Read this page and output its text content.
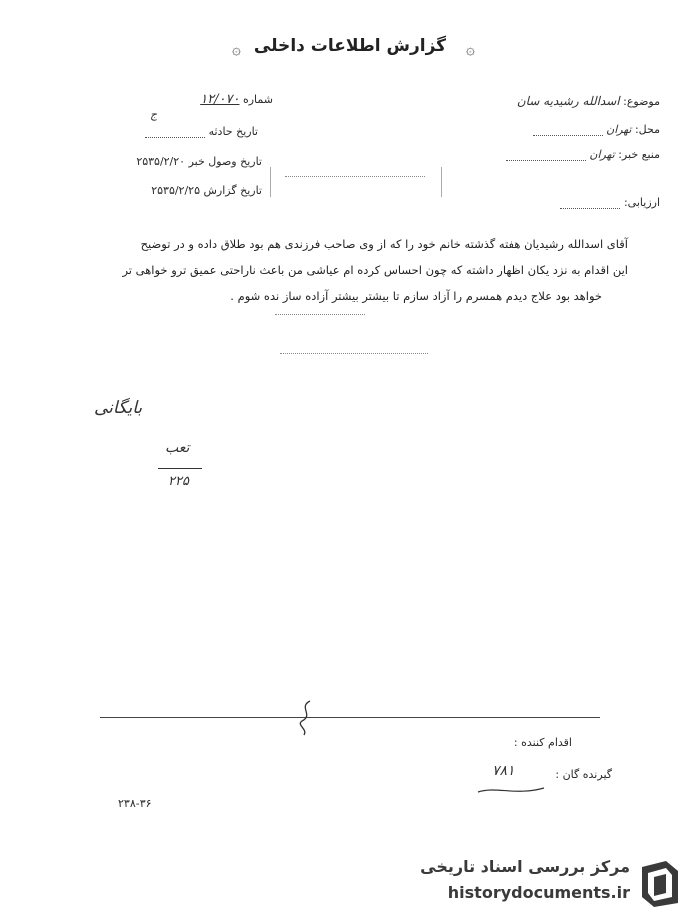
۞ گزارش اطلاعات داخلی	۞
موضوع: اسدالله رشیدیه سان
محل: تهران
منبع خبر: تهران
ارزیابی:
شماره ۱۲/۰۷۰
ج
تاریخ حادثه
تاریخ وصول خبر ۲۵۳۵/۲/۲۰
تاریخ گزارش ۲۵۳۵/۲/۲۵
آقای اسدالله رشیدیان هفته گذشته خانم خود را که از وی صاحب فرزندی هم بود طلاق داده و در توضیح
این اقدام به نزد یکان اظهار داشته که چون احساس کرده ام عیاشی من باعث ناراحتی عمیق ترو خواهی تر
خواهد بود علاج دیدم همسرم را آزاد سازم تا بیشتر بیشتر آزاده ساز نده شوم .
بایگانی
تعب
۲۲۵
اقدام کننده :
گیرنده گان :
۷۸۱
۲۳۸-۳۶
مرکز بررسی اسناد تاریخی
historydocuments.ir
